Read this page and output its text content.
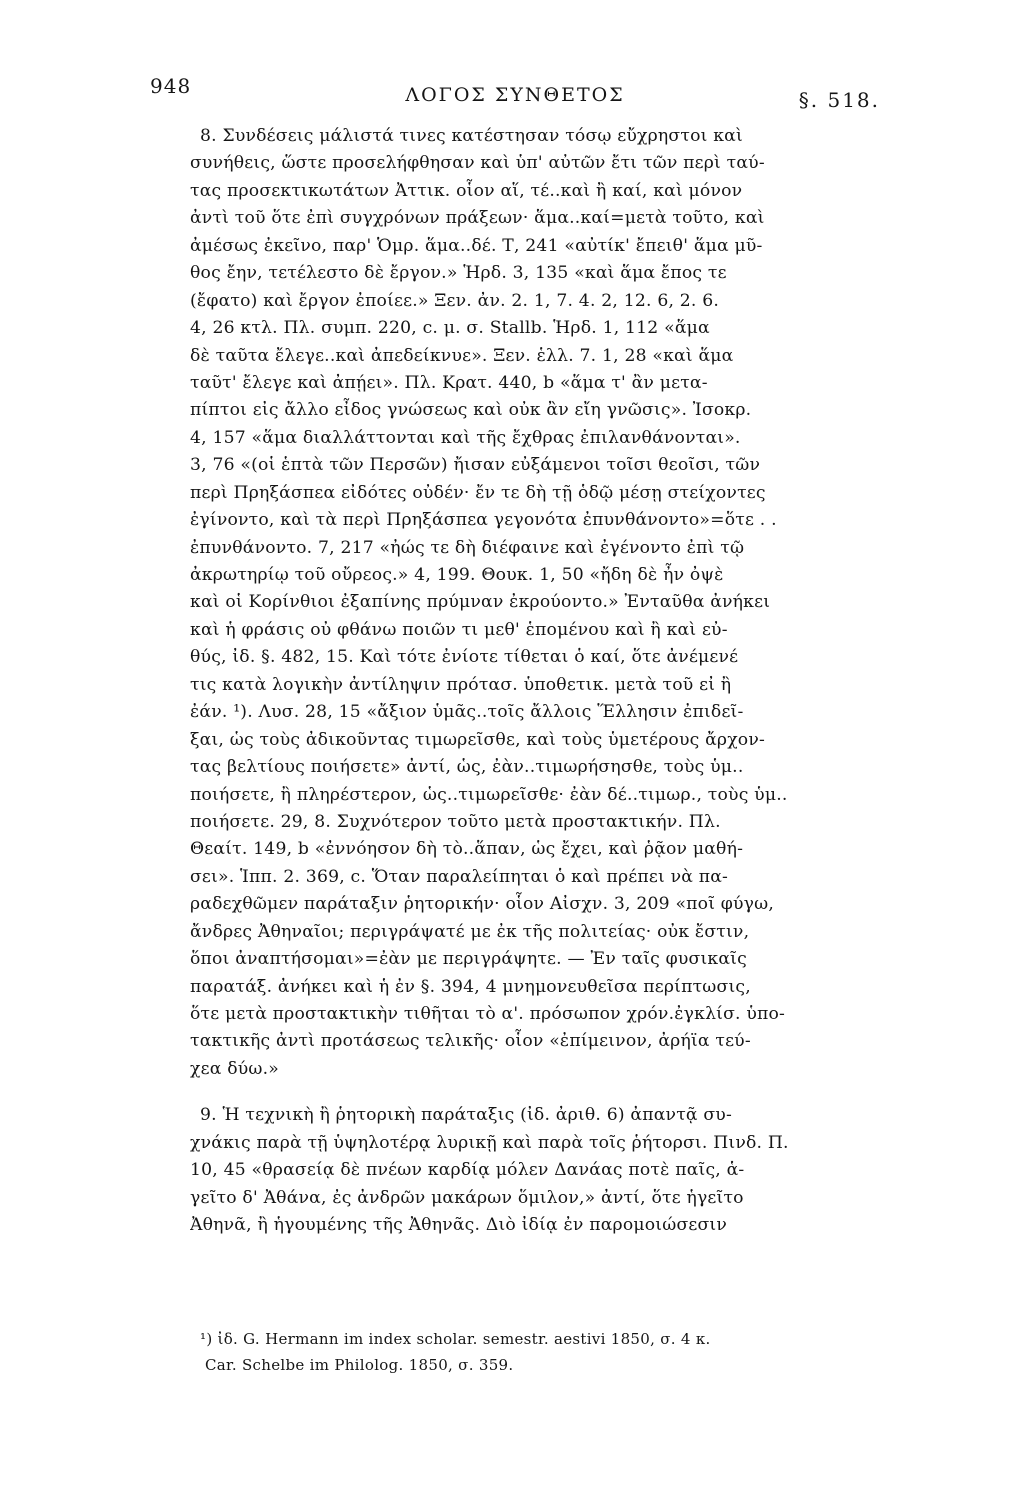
948	ΛΟΓΟΣ ΣΥΝΘΕΤΟΣ	§. 518.
8. Συνδέσεις μάλιστά τινες κατέστησαν τόσῳ εὔχρηστοι καὶ
συνήθεις, ὥστε προσελήφθησαν καὶ ὑπ' αὐτῶν ἔτι τῶν περὶ ταύ-
τας προσεκτικωτάτων Ἀττικ. οἷον αἵ, τέ..καὶ ἢ καί, καὶ μόνον
ἀντὶ τοῦ ὅτε ἐπὶ συγχρόνων πράξεων· ἅμα..καί=μετὰ τοῦτο, καὶ
ἀμέσως ἐκεῖνο, παρ' Ὁμρ. ἅμα..δέ. Τ, 241 «αὐτίκ' ἔπειθ' ἅμα μῦ-
θος ἔην, τετέλεστο δὲ ἔργον.» Ἡρδ. 3, 135 «καὶ ἅμα ἔπος τε
(ἔφατο) καὶ ἔργον ἐποίεε.» Ξεν. ἀν. 2. 1, 7. 4. 2, 12. 6, 2. 6.
4, 26 κτλ. Πλ. συμπ. 220, c. μ. σ. Stallb. Ἡρδ. 1, 112 «ἅμα
δὲ ταῦτα ἔλεγε..καὶ ἀπεδείκνυε». Ξεν. ἑλλ. 7. 1, 28 «καὶ ἅμα
ταῦτ' ἔλεγε καὶ ἀπῄει». Πλ. Κρατ. 440, b «ἅμα τ' ἂν μετα-
πίπτοι εἰς ἄλλο εἶδος γνώσεως καὶ οὐκ ἂν εἴη γνῶσις». Ἰσοκρ.
4, 157 «ἅμα διαλλάττονται καὶ τῆς ἔχθρας ἐπιλανθάνονται».
3, 76 «(οἱ ἑπτὰ τῶν Περσῶν) ἤισαν εὐξάμενοι τοῖσι θεοῖσι, τῶν
περὶ Πρηξάσπεα εἰδότες οὐδέν· ἔν τε δὴ τῇ ὁδῷ μέσῃ στείχοντες
ἐγίνοντο, καὶ τὰ περὶ Πρηξάσπεα γεγονότα ἐπυνθάνοντο»=ὅτε . .
ἐπυνθάνοντο. 7, 217 «ἠώς τε δὴ διέφαινε καὶ ἐγένοντο ἐπὶ τῷ
ἀκρωτηρίῳ τοῦ οὔρεος.» 4, 199. Θουκ. 1, 50 «ἤδη δὲ ἦν ὀψὲ
καὶ οἱ Κορίνθιοι ἐξαπίνης πρύμναν ἐκρούοντο.» Ἐνταῦθα ἀνήκει
καὶ ἡ φράσις οὐ φθάνω ποιῶν τι μεθ' ἑπομένου καὶ ἢ καὶ εὐ-
θύς, ἰδ. §. 482, 15. Καὶ τότε ἐνίοτε τίθεται ὁ καί, ὅτε ἀνέμενέ
τις κατὰ λογικὴν ἀντίληψιν πρότασ. ὑποθετικ. μετὰ τοῦ εἰ ἢ
ἐάν. ¹). Λυσ. 28, 15 «ἄξιον ὑμᾶς..τοῖς ἄλλοις Ἕλλησιν ἐπιδεῖ-
ξαι, ὡς τοὺς ἀδικοῦντας τιμωρεῖσθε, καὶ τοὺς ὑμετέρους ἄρχον-
τας βελτίους ποιήσετε» ἀντί, ὡς, ἐὰν..τιμωρήσησθε, τοὺς ὑμ..
ποιήσετε, ἢ πληρέστερον, ὡς..τιμωρεῖσθε· ἐὰν δέ..τιμωρ., τοὺς ὑμ..
ποιήσετε. 29, 8. Συχνότερον τοῦτο μετὰ προστακτικήν. Πλ.
Θεαίτ. 149, b «ἐννόησον δὴ τὸ..ἅπαν, ὡς ἔχει, καὶ ῥᾷον μαθή-
σει». Ἱππ. 2. 369, c. Ὅταν παραλείπηται ὁ καὶ πρέπει νὰ πα-
ραδεχθῶμεν παράταξιν ῥητορικήν· οἷον Αἰσχν. 3, 209 «ποῖ φύγω,
ἄνδρες Ἀθηναῖοι; περιγράψατέ με ἐκ τῆς πολιτείας· οὐκ ἔστιν,
ὅποι ἀναπτήσομαι»=ἐὰν με περιγράψητε. — Ἐν ταῖς φυσικαῖς
παρατάξ. ἀνήκει καὶ ἡ ἐν §. 394, 4 μνημονευθεῖσα περίπτωσις,
ὅτε μετὰ προστακτικὴν τιθῆται τὸ α'. πρόσωπον χρόν.ἐγκλίσ. ὑπο-
τακτικῆς ἀντὶ προτάσεως τελικῆς· οἷον «ἐπίμεινον, ἀρήϊα τεύ-
χεα δύω.»
9. Ἡ τεχνικὴ ἢ ῥητορικὴ παράταξις (ἰδ. ἀριθ. 6) ἀπαντᾷ συ-
χνάκις παρὰ τῇ ὑψηλοτέρᾳ λυρικῇ καὶ παρὰ τοῖς ῥήτορσι. Πινδ. Π.
10, 45 «θρασείᾳ δὲ πνέων καρδίᾳ μόλεν Δανάας ποτὲ παῖς, ἁ-
γεῖτο δ' Ἀθάνα, ἐς ἀνδρῶν μακάρων ὅμιλον,» ἀντί, ὅτε ἡγεῖτο
Ἀθηνᾶ, ἢ ἡγουμένης τῆς Ἀθηνᾶς. Διὸ ἰδίᾳ ἐν παρομοιώσεσιν
¹) ἰδ. G. Hermann im index scholar. semestr. aestivi 1850, σ. 4 κ.
Car. Schelbe im Philolog. 1850, σ. 359.
